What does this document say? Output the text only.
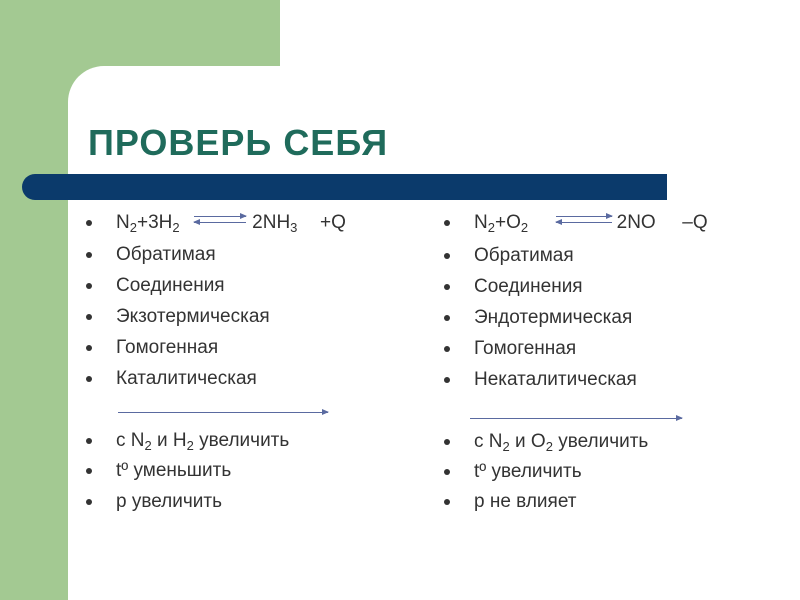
ПРОВЕРЬ СЕБЯ
$N_2+3H_2$	$2NH_3 +Q$
Обратимая
Соединения
Экзотермическая
Гомогенная
Каталитическая
с $N_2$ и $H_2$ увеличить
tº уменьшить
р увеличить
$N_2+O_2$	2NO –Q
Обратимая
Соединения
Эндотермическая
Гомогенная
Некаталитическая
с $N_2$ и $O_2$ увеличить
tº увеличить
р не влияет
